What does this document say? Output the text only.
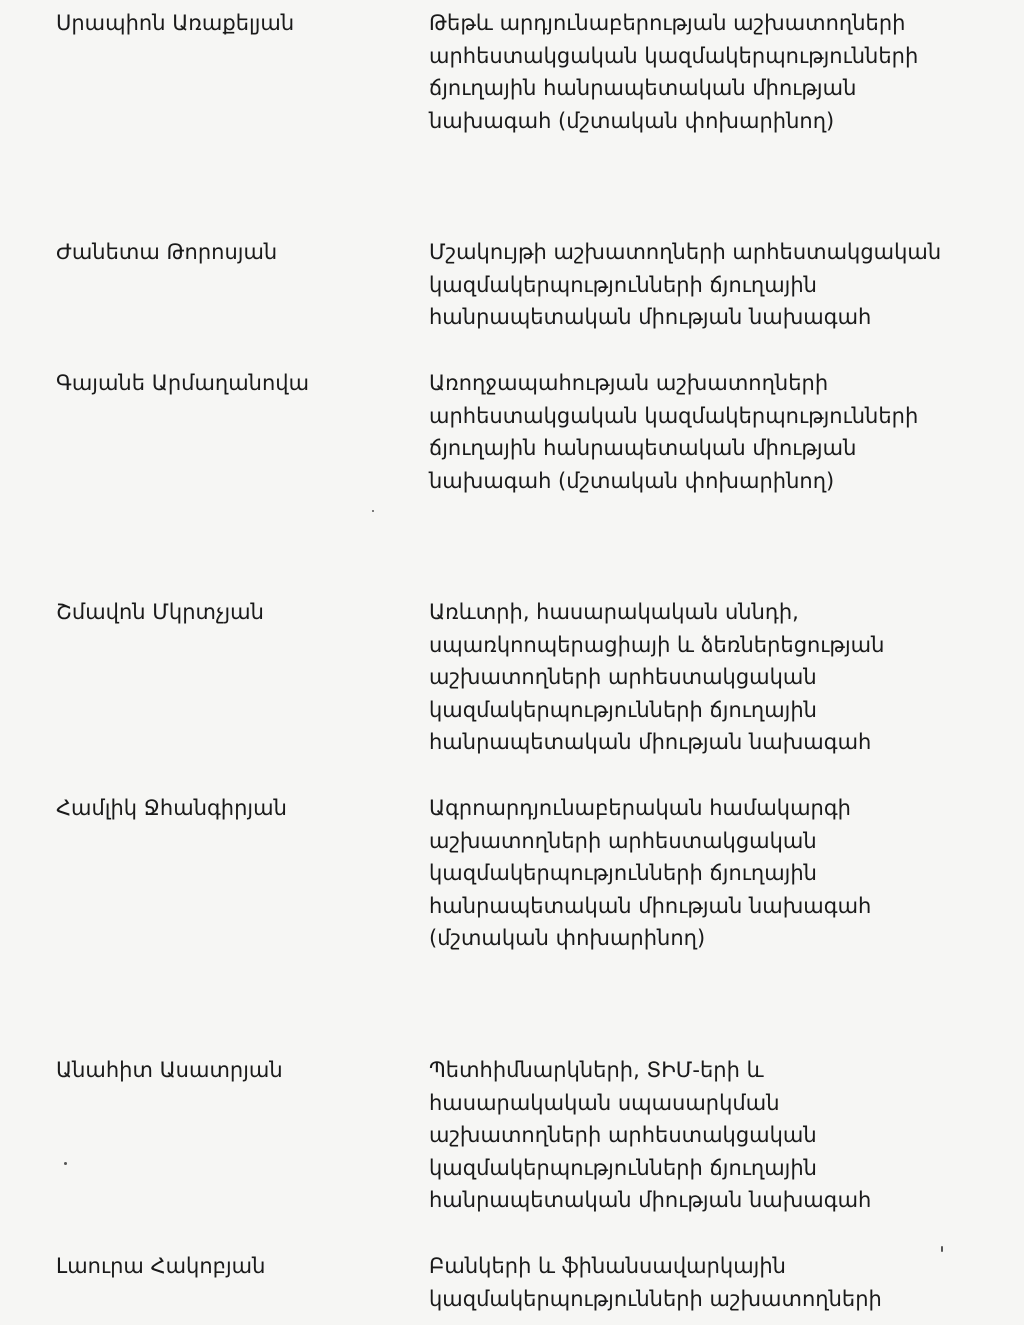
Սրապիոն Առաքելյան	Թեթև արդյունաբերության աշխատողների
արհեստակցական կազմակերպությունների
ճյուղային հանրապետական միության
նախագահ (մշտական փոխարինող)
Ժանետա Թորոսյան	Մշակույթի աշխատողների արհեստակցական
կազմակերպությունների ճյուղային
հանրապետական միության նախագահ
Գայանե Արմաղանովա	Առողջապահության աշխատողների
արհեստակցական կազմակերպությունների
ճյուղային հանրապետական միության
նախագահ (մշտական փոխարինող)
Շմավոն Մկրտչյան	Առևտրի, հասարակական սննդի,
սպառկոոպերացիայի և ձեռներեցության
աշխատողների արհեստակցական
կազմակերպությունների ճյուղային
հանրապետական միության նախագահ
Համլիկ Ջհանգիրյան	Ագրոարդյունաբերական համակարգի
աշխատողների արհեստակցական
կազմակերպությունների ճյուղային
հանրապետական միության նախագահ
(մշտական փոխարինող)
Անահիտ Ասատրյան	Պետհիմնարկների, ՏԻՄ-երի և
հասարակական սպասարկման
աշխատողների արհեստակցական
կազմակերպությունների ճյուղային
հանրապետական միության նախագահ
Լաուրա Հակոբյան	Բանկերի և ֆինանսավարկային
կազմակերպությունների աշխատողների
